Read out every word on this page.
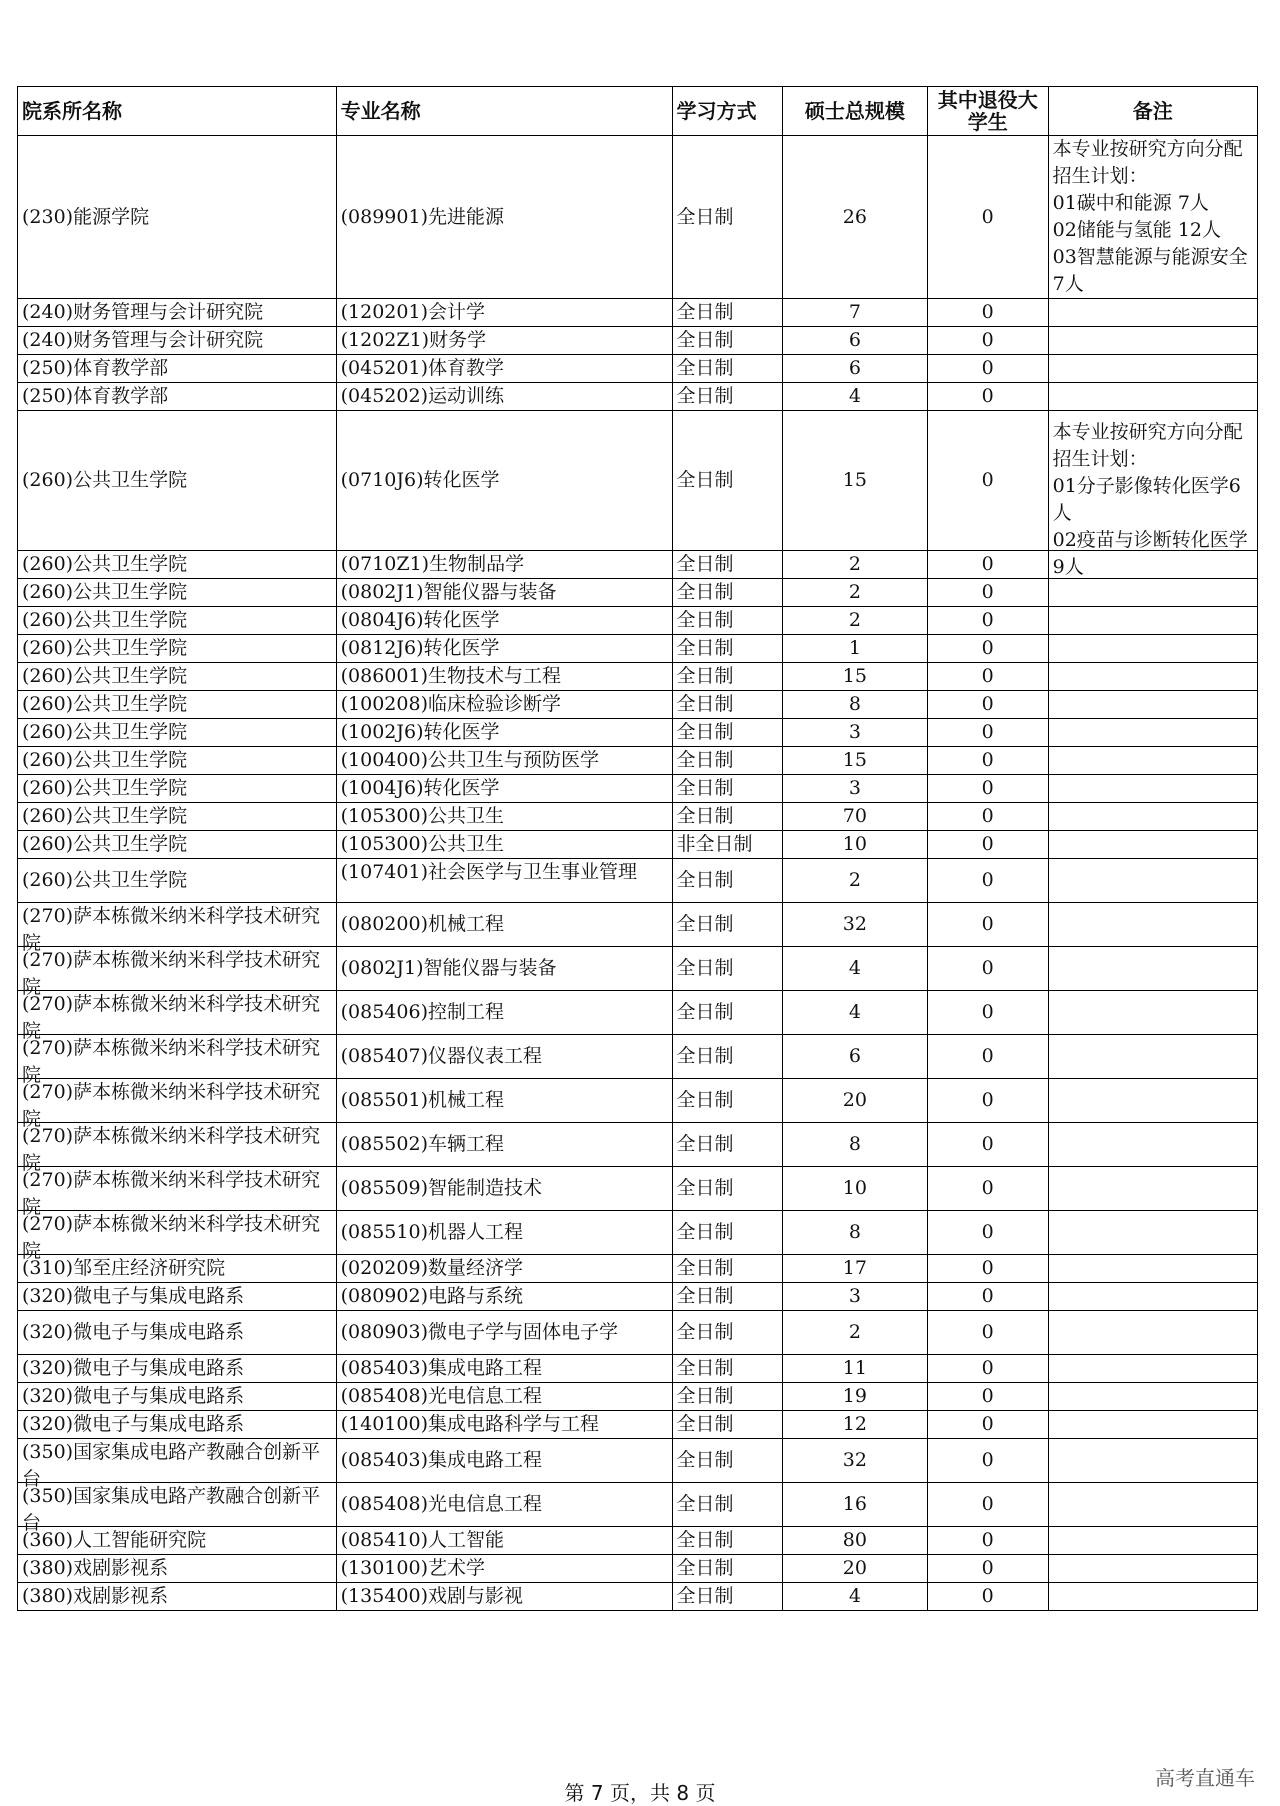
院系所名称	专业名称	学习方式	硕士总规模	其中退役大学生	备注

(230)能源学院	(089901)先进能源	全日制	26	0	本专业按研究方向分配招生计划：
01碳中和能源 7人
02储能与氢能 12人
03智慧能源与能源安全 7人

(240)财务管理与会计研究院	(120201)会计学	全日制	7	0	

(240)财务管理与会计研究院	(1202Z1)财务学	全日制	6	0	

(250)体育教学部	(045201)体育教学	全日制	6	0	

(250)体育教学部	(045202)运动训练	全日制	4	0	

(260)公共卫生学院	(0710J6)转化医学	全日制	15	0	本专业按研究方向分配招生计划：
01分子影像转化医学6人
02疫苗与诊断转化医学 9人

(260)公共卫生学院	(0710Z1)生物制品学	全日制	2	0	

(260)公共卫生学院	(0802J1)智能仪器与装备	全日制	2	0	

(260)公共卫生学院	(0804J6)转化医学	全日制	2	0	

(260)公共卫生学院	(0812J6)转化医学	全日制	1	0	

(260)公共卫生学院	(086001)生物技术与工程	全日制	15	0	

(260)公共卫生学院	(100208)临床检验诊断学	全日制	8	0	

(260)公共卫生学院	(1002J6)转化医学	全日制	3	0	

(260)公共卫生学院	(100400)公共卫生与预防医学	全日制	15	0	

(260)公共卫生学院	(1004J6)转化医学	全日制	3	0	

(260)公共卫生学院	(105300)公共卫生	全日制	70	0	

(260)公共卫生学院	(105300)公共卫生	非全日制	10	0	

(260)公共卫生学院	(107401)社会医学与卫生事业管理	全日制	2	0	

(270)萨本栋微米纳米科学技术研究院	(080200)机械工程	全日制	32	0	

(270)萨本栋微米纳米科学技术研究院	(0802J1)智能仪器与装备	全日制	4	0	

(270)萨本栋微米纳米科学技术研究院	(085406)控制工程	全日制	4	0	

(270)萨本栋微米纳米科学技术研究院	(085407)仪器仪表工程	全日制	6	0	

(270)萨本栋微米纳米科学技术研究院	(085501)机械工程	全日制	20	0	

(270)萨本栋微米纳米科学技术研究院	(085502)车辆工程	全日制	8	0	

(270)萨本栋微米纳米科学技术研究院	(085509)智能制造技术	全日制	10	0	

(270)萨本栋微米纳米科学技术研究院	(085510)机器人工程	全日制	8	0	

(310)邹至庄经济研究院	(020209)数量经济学	全日制	17	0	

(320)微电子与集成电路系	(080902)电路与系统	全日制	3	0	

(320)微电子与集成电路系	(080903)微电子学与固体电子学	全日制	2	0	

(320)微电子与集成电路系	(085403)集成电路工程	全日制	11	0	

(320)微电子与集成电路系	(085408)光电信息工程	全日制	19	0	

(320)微电子与集成电路系	(140100)集成电路科学与工程	全日制	12	0	

(350)国家集成电路产教融合创新平台	(085403)集成电路工程	全日制	32	0	

(350)国家集成电路产教融合创新平台	(085408)光电信息工程	全日制	16	0	

(360)人工智能研究院	(085410)人工智能	全日制	80	0	

(380)戏剧影视系	(130100)艺术学	全日制	20	0	

(380)戏剧影视系	(135400)戏剧与影视	全日制	4	0	

第 7 页，共 8 页
高考直通车
